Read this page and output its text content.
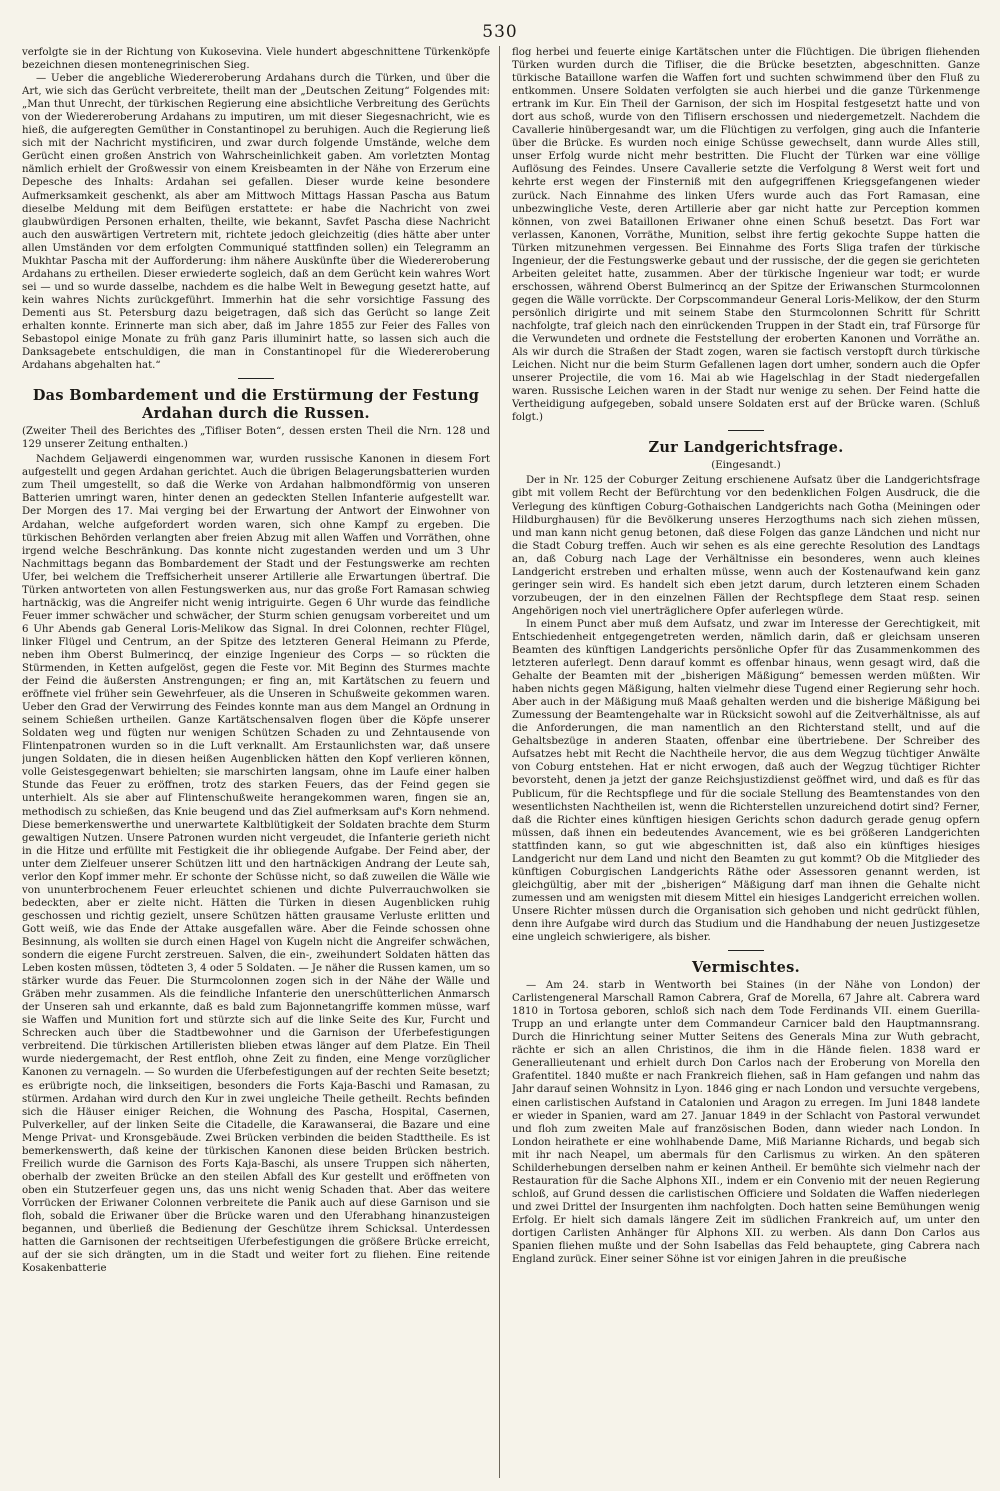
530

verfolgte sie in der Richtung von Kukosevina. Viele hundert abgeschnittene Türkenköpfe bezeichnen diesen montenegrinischen Sieg.

— Ueber die angebliche Wiedereroberung Ardahans durch die Türken, und über die Art, wie sich das Gerücht verbreitete, theilt man der „Deutschen Zeitung“ Folgendes mit: „Man thut Unrecht, der türkischen Regierung eine absichtliche Verbreitung des Gerüchts von der Wiedereroberung Ardahans zu imputiren, um mit dieser Siegesnachricht, wie es hieß, die aufgeregten Gemüther in Constantinopel zu beruhigen. Auch die Regierung ließ sich mit der Nachricht mystificiren, und zwar durch folgende Umstände, welche dem Gerücht einen großen Anstrich von Wahrscheinlichkeit gaben. Am vorletzten Montag nämlich erhielt der Großwessir von einem Kreisbeamten in der Nähe von Erzerum eine Depesche des Inhalts: Ardahan sei gefallen. Dieser wurde keine besondere Aufmerksamkeit geschenkt, als aber am Mittwoch Mittags Hassan Pascha aus Batum dieselbe Meldung mit dem Beifügen erstattete: er habe die Nachricht von zwei glaubwürdigen Personen erhalten, theilte, wie bekannt, Savfet Pascha diese Nachricht auch den auswärtigen Vertretern mit, richtete jedoch gleichzeitig (dies hätte aber unter allen Umständen vor dem erfolgten Communiqué stattfinden sollen) ein Telegramm an Mukhtar Pascha mit der Aufforderung: ihm nähere Auskünfte über die Wiedereroberung Ardahans zu ertheilen. Dieser erwiederte sogleich, daß an dem Gerücht kein wahres Wort sei — und so wurde dasselbe, nachdem es die halbe Welt in Bewegung gesetzt hatte, auf kein wahres Nichts zurückgeführt. Immerhin hat die sehr vorsichtige Fassung des Dementi aus St. Petersburg dazu beigetragen, daß sich das Gerücht so lange Zeit erhalten konnte. Erinnerte man sich aber, daß im Jahre 1855 zur Feier des Falles von Sebastopol einige Monate zu früh ganz Paris illuminirt hatte, so lassen sich auch die Danksagebete entschuldigen, die man in Constantinopel für die Wiedereroberung Ardahans abgehalten hat.“

Das Bombardement und die Erstürmung der Festung Ardahan durch die Russen.

(Zweiter Theil des Berichtes des „Tifliser Boten“, dessen ersten Theil die Nrn. 128 und 129 unserer Zeitung enthalten.)

Nachdem Geljawerdi eingenommen war, wurden russische Kanonen in diesem Fort aufgestellt und gegen Ardahan gerichtet. Auch die übrigen Belagerungsbatterien wurden zum Theil umgestellt, so daß die Werke von Ardahan halbmondförmig von unseren Batterien umringt waren, hinter denen an gedeckten Stellen Infanterie aufgestellt war. Der Morgen des 17. Mai verging bei der Erwartung der Antwort der Einwohner von Ardahan, welche aufgefordert worden waren, sich ohne Kampf zu ergeben. Die türkischen Behörden verlangten aber freien Abzug mit allen Waffen und Vorräthen, ohne irgend welche Beschränkung. Das konnte nicht zugestanden werden und um 3 Uhr Nachmittags begann das Bombardement der Stadt und der Festungswerke am rechten Ufer, bei welchem die Treffsicherheit unserer Artillerie alle Erwartungen übertraf. Die Türken antworteten von allen Festungswerken aus, nur das große Fort Ramasan schwieg hartnäckig, was die Angreifer nicht wenig intriguirte. Gegen 6 Uhr wurde das feindliche Feuer immer schwächer und schwächer, der Sturm schien genugsam vorbereitet und um 6 Uhr Abends gab General Loris-Melikow das Signal. In drei Colonnen, rechter Flügel, linker Flügel und Centrum, an der Spitze des letzteren General Heimann zu Pferde, neben ihm Oberst Bulmerincq, der einzige Ingenieur des Corps — so rückten die Stürmenden, in Ketten aufgelöst, gegen die Feste vor. Mit Beginn des Sturmes machte der Feind die äußersten Anstrengungen; er fing an, mit Kartätschen zu feuern und eröffnete viel früher sein Gewehrfeuer, als die Unseren in Schußweite gekommen waren. Ueber den Grad der Verwirrung des Feindes konnte man aus dem Mangel an Ordnung in seinem Schießen urtheilen. Ganze Kartätschensalven flogen über die Köpfe unserer Soldaten weg und fügten nur wenigen Schützen Schaden zu und Zehntausende von Flintenpatronen wurden so in die Luft verknallt. Am Erstaunlichsten war, daß unsere jungen Soldaten, die in diesen heißen Augenblicken hätten den Kopf verlieren können, volle Geistesgegenwart behielten; sie marschirten langsam, ohne im Laufe einer halben Stunde das Feuer zu eröffnen, trotz des starken Feuers, das der Feind gegen sie unterhielt. Als sie aber auf Flintenschußweite herangekommen waren, fingen sie an, methodisch zu schießen, das Knie beugend und das Ziel aufmerksam auf's Korn nehmend. Diese bemerkenswerthe und unerwartete Kaltblütigkeit der Soldaten brachte dem Sturm gewaltigen Nutzen. Unsere Patronen wurden nicht vergeudet, die Infanterie gerieth nicht in die Hitze und erfüllte mit Festigkeit die ihr obliegende Aufgabe. Der Feind aber, der unter dem Zielfeuer unserer Schützen litt und den hartnäckigen Andrang der Leute sah, verlor den Kopf immer mehr. Er schonte der Schüsse nicht, so daß zuweilen die Wälle wie von ununterbrochenem Feuer erleuchtet schienen und dichte Pulverrauchwolken sie bedeckten, aber er zielte nicht. Hätten die Türken in diesen Augenblicken ruhig geschossen und richtig gezielt, unsere Schützen hätten grausame Verluste erlitten und Gott weiß, wie das Ende der Attake ausgefallen wäre. Aber die Feinde schossen ohne Besinnung, als wollten sie durch einen Hagel von Kugeln nicht die Angreifer schwächen, sondern die eigene Furcht zerstreuen. Salven, die ein-, zweihundert Soldaten hätten das Leben kosten müssen, tödteten 3, 4 oder 5 Soldaten. — Je näher die Russen kamen, um so stärker wurde das Feuer. Die Sturmcolonnen zogen sich in der Nähe der Wälle und Gräben mehr zusammen. Als die feindliche Infanterie den unerschütterlichen Anmarsch der Unseren sah und erkannte, daß es bald zum Bajonnetangriffe kommen müsse, warf sie Waffen und Munition fort und stürzte sich auf die linke Seite des Kur, Furcht und Schrecken auch über die Stadtbewohner und die Garnison der Uferbefestigungen verbreitend. Die türkischen Artilleristen blieben etwas länger auf dem Platze. Ein Theil wurde niedergemacht, der Rest entfloh, ohne Zeit zu finden, eine Menge vorzüglicher Kanonen zu vernageln. — So wurden die Uferbefestigungen auf der rechten Seite besetzt; es erübrigte noch, die linkseitigen, besonders die Forts Kaja-Baschi und Ramasan, zu stürmen. Ardahan wird durch den Kur in zwei ungleiche Theile getheilt. Rechts befinden sich die Häuser einiger Reichen, die Wohnung des Pascha, Hospital, Casernen, Pulverkeller, auf der linken Seite die Citadelle, die Karawanserai, die Bazare und eine Menge Privat- und Kronsgebäude. Zwei Brücken verbinden die beiden Stadttheile. Es ist bemerkenswerth, daß keine der türkischen Kanonen diese beiden Brücken bestrich. Freilich wurde die Garnison des Forts Kaja-Baschi, als unsere Truppen sich näherten, oberhalb der zweiten Brücke an den steilen Abfall des Kur gestellt und eröffneten von oben ein Stutzerfeuer gegen uns, das uns nicht wenig Schaden that. Aber das weitere Vorrücken der Eriwaner Colonnen verbreitete die Panik auch auf diese Garnison und sie floh, sobald die Eriwaner über die Brücke waren und den Uferabhang hinanzusteigen begannen, und überließ die Bedienung der Geschütze ihrem Schicksal. Unterdessen hatten die Garnisonen der rechtseitigen Uferbefestigungen die größere Brücke erreicht, auf der sie sich drängten, um in die Stadt und weiter fort zu fliehen. Eine reitende Kosakenbatterie

flog herbei und feuerte einige Kartätschen unter die Flüchtigen. Die übrigen fliehenden Türken wurden durch die Tifliser, die die Brücke besetzten, abgeschnitten. Ganze türkische Bataillone warfen die Waffen fort und suchten schwimmend über den Fluß zu entkommen. Unsere Soldaten verfolgten sie auch hierbei und die ganze Türkenmenge ertrank im Kur. Ein Theil der Garnison, der sich im Hospital festgesetzt hatte und von dort aus schoß, wurde von den Tiflisern erschossen und niedergemetzelt. Nachdem die Cavallerie hinübergesandt war, um die Flüchtigen zu verfolgen, ging auch die Infanterie über die Brücke. Es wurden noch einige Schüsse gewechselt, dann wurde Alles still, unser Erfolg wurde nicht mehr bestritten. Die Flucht der Türken war eine völlige Auflösung des Feindes. Unsere Cavallerie setzte die Verfolgung 8 Werst weit fort und kehrte erst wegen der Finsterniß mit den aufgegriffenen Kriegsgefangenen wieder zurück. Nach Einnahme des linken Ufers wurde auch das Fort Ramasan, eine unbezwingliche Veste, deren Artillerie aber gar nicht hatte zur Perception kommen können, von zwei Bataillonen Eriwaner ohne einen Schuß besetzt. Das Fort war verlassen, Kanonen, Vorräthe, Munition, selbst ihre fertig gekochte Suppe hatten die Türken mitzunehmen vergessen. Bei Einnahme des Forts Sliga trafen der türkische Ingenieur, der die Festungswerke gebaut und der russische, der die gegen sie gerichteten Arbeiten geleitet hatte, zusammen. Aber der türkische Ingenieur war todt; er wurde erschossen, während Oberst Bulmerincq an der Spitze der Eriwanschen Sturmcolonnen gegen die Wälle vorrückte. Der Corpscommandeur General Loris-Melikow, der den Sturm persönlich dirigirte und mit seinem Stabe den Sturmcolonnen Schritt für Schritt nachfolgte, traf gleich nach den einrückenden Truppen in der Stadt ein, traf Fürsorge für die Verwundeten und ordnete die Feststellung der eroberten Kanonen und Vorräthe an. Als wir durch die Straßen der Stadt zogen, waren sie factisch verstopft durch türkische Leichen. Nicht nur die beim Sturm Gefallenen lagen dort umher, sondern auch die Opfer unserer Projectile, die vom 16. Mai ab wie Hagelschlag in der Stadt niedergefallen waren. Russische Leichen waren in der Stadt nur wenige zu sehen. Der Feind hatte die Vertheidigung aufgegeben, sobald unsere Soldaten erst auf der Brücke waren. (Schluß folgt.)

Zur Landgerichtsfrage.

(Eingesandt.)

Der in Nr. 125 der Coburger Zeitung erschienene Aufsatz über die Landgerichtsfrage gibt mit vollem Recht der Befürchtung vor den bedenklichen Folgen Ausdruck, die die Verlegung des künftigen Coburg-Gothaischen Landgerichts nach Gotha (Meiningen oder Hildburghausen) für die Bevölkerung unseres Herzogthums nach sich ziehen müssen, und man kann nicht genug betonen, daß diese Folgen das ganze Ländchen und nicht nur die Stadt Coburg treffen. Auch wir sehen es als eine gerechte Resolution des Landtags an, daß Coburg nach Lage der Verhältnisse ein besonderes, wenn auch kleines Landgericht erstreben und erhalten müsse, wenn auch der Kostenaufwand kein ganz geringer sein wird. Es handelt sich eben jetzt darum, durch letzteren einem Schaden vorzubeugen, der in den einzelnen Fällen der Rechtspflege dem Staat resp. seinen Angehörigen noch viel unerträglichere Opfer auferlegen würde.

In einem Punct aber muß dem Aufsatz, und zwar im Interesse der Gerechtigkeit, mit Entschiedenheit entgegengetreten werden, nämlich darin, daß er gleichsam unseren Beamten des künftigen Landgerichts persönliche Opfer für das Zusammenkommen des letzteren auferlegt. Denn darauf kommt es offenbar hinaus, wenn gesagt wird, daß die Gehalte der Beamten mit der „bisherigen Mäßigung“ bemessen werden müßten. Wir haben nichts gegen Mäßigung, halten vielmehr diese Tugend einer Regierung sehr hoch. Aber auch in der Mäßigung muß Maaß gehalten werden und die bisherige Mäßigung bei Zumessung der Beamtengehalte war in Rücksicht sowohl auf die Zeitverhältnisse, als auf die Anforderungen, die man namentlich an den Richterstand stellt, und auf die Gehaltsbezüge in anderen Staaten, offenbar eine übertriebene. Der Schreiber des Aufsatzes hebt mit Recht die Nachtheile hervor, die aus dem Wegzug tüchtiger Anwälte von Coburg entstehen. Hat er nicht erwogen, daß auch der Wegzug tüchtiger Richter bevorsteht, denen ja jetzt der ganze Reichsjustizdienst geöffnet wird, und daß es für das Publicum, für die Rechtspflege und für die sociale Stellung des Beamtenstandes von den wesentlichsten Nachtheilen ist, wenn die Richterstellen unzureichend dotirt sind? Ferner, daß die Richter eines künftigen hiesigen Gerichts schon dadurch gerade genug opfern müssen, daß ihnen ein bedeutendes Avancement, wie es bei größeren Landgerichten stattfinden kann, so gut wie abgeschnitten ist, daß also ein künftiges hiesiges Landgericht nur dem Land und nicht den Beamten zu gut kommt? Ob die Mitglieder des künftigen Coburgischen Landgerichts Räthe oder Assessoren genannt werden, ist gleichgültig, aber mit der „bisherigen“ Mäßigung darf man ihnen die Gehalte nicht zumessen und am wenigsten mit diesem Mittel ein hiesiges Landgericht erreichen wollen. Unsere Richter müssen durch die Organisation sich gehoben und nicht gedrückt fühlen, denn ihre Aufgabe wird durch das Studium und die Handhabung der neuen Justizgesetze eine ungleich schwierigere, als bisher.

Vermischtes.

— Am 24. starb in Wentworth bei Staines (in der Nähe von London) der Carlistengeneral Marschall Ramon Cabrera, Graf de Morella, 67 Jahre alt. Cabrera ward 1810 in Tortosa geboren, schloß sich nach dem Tode Ferdinands VII. einem Guerilla-Trupp an und erlangte unter dem Commandeur Carnicer bald den Hauptmannsrang. Durch die Hinrichtung seiner Mutter Seitens des Generals Mina zur Wuth gebracht, rächte er sich an allen Christinos, die ihm in die Hände fielen. 1838 ward er Generallieutenant und erhielt durch Don Carlos nach der Eroberung von Morella den Grafentitel. 1840 mußte er nach Frankreich fliehen, saß in Ham gefangen und nahm das Jahr darauf seinen Wohnsitz in Lyon. 1846 ging er nach London und versuchte vergebens, einen carlistischen Aufstand in Catalonien und Aragon zu erregen. Im Juni 1848 landete er wieder in Spanien, ward am 27. Januar 1849 in der Schlacht von Pastoral verwundet und floh zum zweiten Male auf französischen Boden, dann wieder nach London. In London heirathete er eine wohlhabende Dame, Miß Marianne Richards, und begab sich mit ihr nach Neapel, um abermals für den Carlismus zu wirken. An den späteren Schilderhebungen derselben nahm er keinen Antheil. Er bemühte sich vielmehr nach der Restauration für die Sache Alphons XII., indem er ein Convenio mit der neuen Regierung schloß, auf Grund dessen die carlistischen Officiere und Soldaten die Waffen niederlegen und zwei Drittel der Insurgenten ihm nachfolgten. Doch hatten seine Bemühungen wenig Erfolg. Er hielt sich damals längere Zeit im südlichen Frankreich auf, um unter den dortigen Carlisten Anhänger für Alphons XII. zu werben. Als dann Don Carlos aus Spanien fliehen mußte und der Sohn Isabellas das Feld behauptete, ging Cabrera nach England zurück. Einer seiner Söhne ist vor einigen Jahren in die preußische
